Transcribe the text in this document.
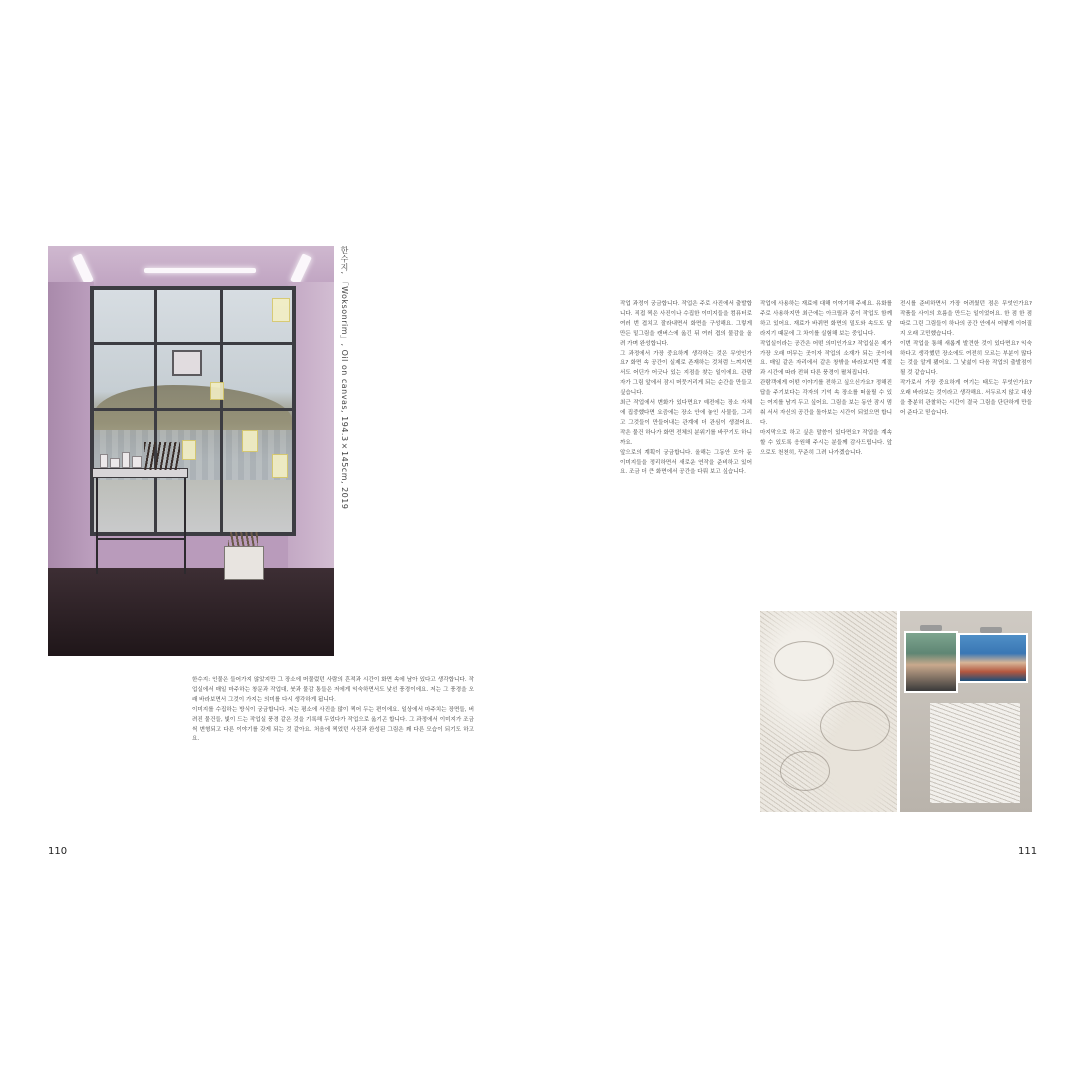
한수지, 「Woksonrim」, Oil on canvas, 194.3×145cm, 2019

한수지: 인물은 들어가지 않았지만 그 장소에 머물렀던 사람의 흔적과 시간이 화면 속에 남아 있다고 생각합니다. 작업실에서 매일 마주하는 창문과 작업대, 붓과 물감 통들은 저에게 익숙하면서도 낯선 풍경이에요. 저는 그 풍경을 오래 바라보면서 그것이 가지는 의미를 다시 생각하게 됩니다.

이미지를 수집하는 방식이 궁금합니다. 저는 평소에 사진을 많이 찍어 두는 편이에요. 일상에서 마주치는 장면들, 버려진 물건들, 빛이 드는 작업실 풍경 같은 것을 기록해 두었다가 작업으로 옮기곤 합니다. 그 과정에서 이미지가 조금씩 변형되고 다른 이야기를 갖게 되는 것 같아요. 처음에 찍었던 사진과 완성된 그림은 꽤 다른 모습이 되기도 하고요.

110

작업 과정이 궁금합니다. 작업은 주로 사진에서 출발합니다. 직접 찍은 사진이나 수집한 이미지들을 컴퓨터로 여러 번 겹치고 잘라내면서 화면을 구성해요. 그렇게 만든 밑그림을 캔버스에 옮긴 뒤 여러 겹의 물감을 올려 가며 완성합니다.

그 과정에서 가장 중요하게 생각하는 것은 무엇인가요? 화면 속 공간이 실제로 존재하는 것처럼 느껴지면서도 어딘가 어긋나 있는 지점을 찾는 일이에요. 관람자가 그림 앞에서 잠시 머뭇거리게 되는 순간을 만들고 싶습니다.

최근 작업에서 변화가 있다면요? 예전에는 장소 자체에 집중했다면 요즘에는 장소 안에 놓인 사물들, 그리고 그것들이 만들어내는 관계에 더 관심이 생겼어요. 작은 물건 하나가 화면 전체의 분위기를 바꾸기도 하니까요.

앞으로의 계획이 궁금합니다. 올해는 그동안 모아 둔 이미지들을 정리하면서 새로운 연작을 준비하고 있어요. 조금 더 큰 화면에서 공간을 다뤄 보고 싶습니다.

작업에 사용하는 재료에 대해 이야기해 주세요. 유화를 주로 사용하지만 최근에는 아크릴과 종이 작업도 함께 하고 있어요. 재료가 바뀌면 화면의 밀도와 속도도 달라지기 때문에 그 차이를 실험해 보는 중입니다.

작업실이라는 공간은 어떤 의미인가요? 작업실은 제가 가장 오래 머무는 곳이자 작업의 소재가 되는 곳이에요. 매일 같은 자리에서 같은 창밖을 바라보지만 계절과 시간에 따라 전혀 다른 풍경이 펼쳐집니다.

관람객에게 어떤 이야기를 전하고 싶으신가요? 정해진 답을 주기보다는 각자의 기억 속 장소를 떠올릴 수 있는 여지를 남겨 두고 싶어요. 그림을 보는 동안 잠시 멈춰 서서 자신의 공간을 돌아보는 시간이 되었으면 합니다.

마지막으로 하고 싶은 말씀이 있다면요? 작업을 계속할 수 있도록 응원해 주시는 분들께 감사드립니다. 앞으로도 천천히, 꾸준히 그려 나가겠습니다.

전시를 준비하면서 가장 어려웠던 점은 무엇인가요? 작품들 사이의 흐름을 만드는 일이었어요. 한 점 한 점 따로 그린 그림들이 하나의 공간 안에서 어떻게 이어질지 오래 고민했습니다.

이번 작업을 통해 새롭게 발견한 것이 있다면요? 익숙하다고 생각했던 장소에도 여전히 모르는 부분이 많다는 것을 알게 됐어요. 그 낯섦이 다음 작업의 출발점이 될 것 같습니다.

작가로서 가장 중요하게 여기는 태도는 무엇인가요? 오래 바라보는 것이라고 생각해요. 서두르지 않고 대상을 충분히 관찰하는 시간이 결국 그림을 단단하게 만들어 준다고 믿습니다.

111
